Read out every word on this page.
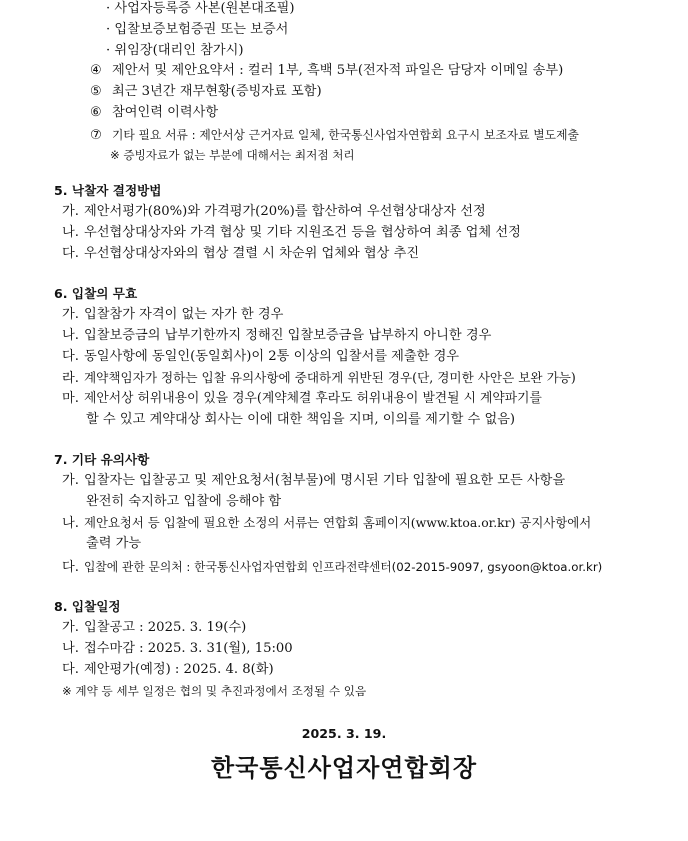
· 사업자등록증 사본(원본대조필)
· 입찰보증보험증권 또는 보증서
· 위임장(대리인 참가시)
④ 제안서 및 제안요약서 : 컬러 1부, 흑백 5부(전자적 파일은 담당자 이메일 송부)
⑤ 최근 3년간 재무현황(증빙자료 포함)
⑥ 참여인력 이력사항
⑦ 기타 필요 서류 : 제안서상 근거자료 일체, 한국통신사업자연합회 요구시 보조자료 별도제출
※ 증빙자료가 없는 부분에 대해서는 최저점 처리
5. 낙찰자 결정방법
가. 제안서평가(80%)와 가격평가(20%)를 합산하여 우선협상대상자 선정
나. 우선협상대상자와 가격 협상 및 기타 지원조건 등을 협상하여 최종 업체 선정
다. 우선협상대상자와의 협상 결렬 시 차순위 업체와 협상 추진
6. 입찰의 무효
가. 입찰참가 자격이 없는 자가 한 경우
나. 입찰보증금의 납부기한까지 정해진 입찰보증금을 납부하지 아니한 경우
다. 동일사항에 동일인(동일회사)이 2통 이상의 입찰서를 제출한 경우
라. 계약책임자가 정하는 입찰 유의사항에 중대하게 위반된 경우(단, 경미한 사안은 보완 가능)
마. 제안서상 허위내용이 있을 경우(계약체결 후라도 허위내용이 발견될 시 계약파기를
할 수 있고 계약대상 회사는 이에 대한 책임을 지며, 이의를 제기할 수 없음)
7. 기타 유의사항
가. 입찰자는 입찰공고 및 제안요청서(첨부물)에 명시된 기타 입찰에 필요한 모든 사항을
완전히 숙지하고 입찰에 응해야 함
나. 제안요청서 등 입찰에 필요한 소정의 서류는 연합회 홈페이지(www.ktoa.or.kr) 공지사항에서
출력 가능
다. 입찰에 관한 문의처 : 한국통신사업자연합회 인프라전략센터(02-2015-9097, gsyoon@ktoa.or.kr)
8. 입찰일정
가. 입찰공고 : 2025. 3. 19(수)
나. 접수마감 : 2025. 3. 31(월), 15:00
다. 제안평가(예정) : 2025. 4. 8(화)
※ 계약 등 세부 일정은 협의 및 추진과정에서 조정될 수 있음
2025. 3. 19.
한국통신사업자연합회장
